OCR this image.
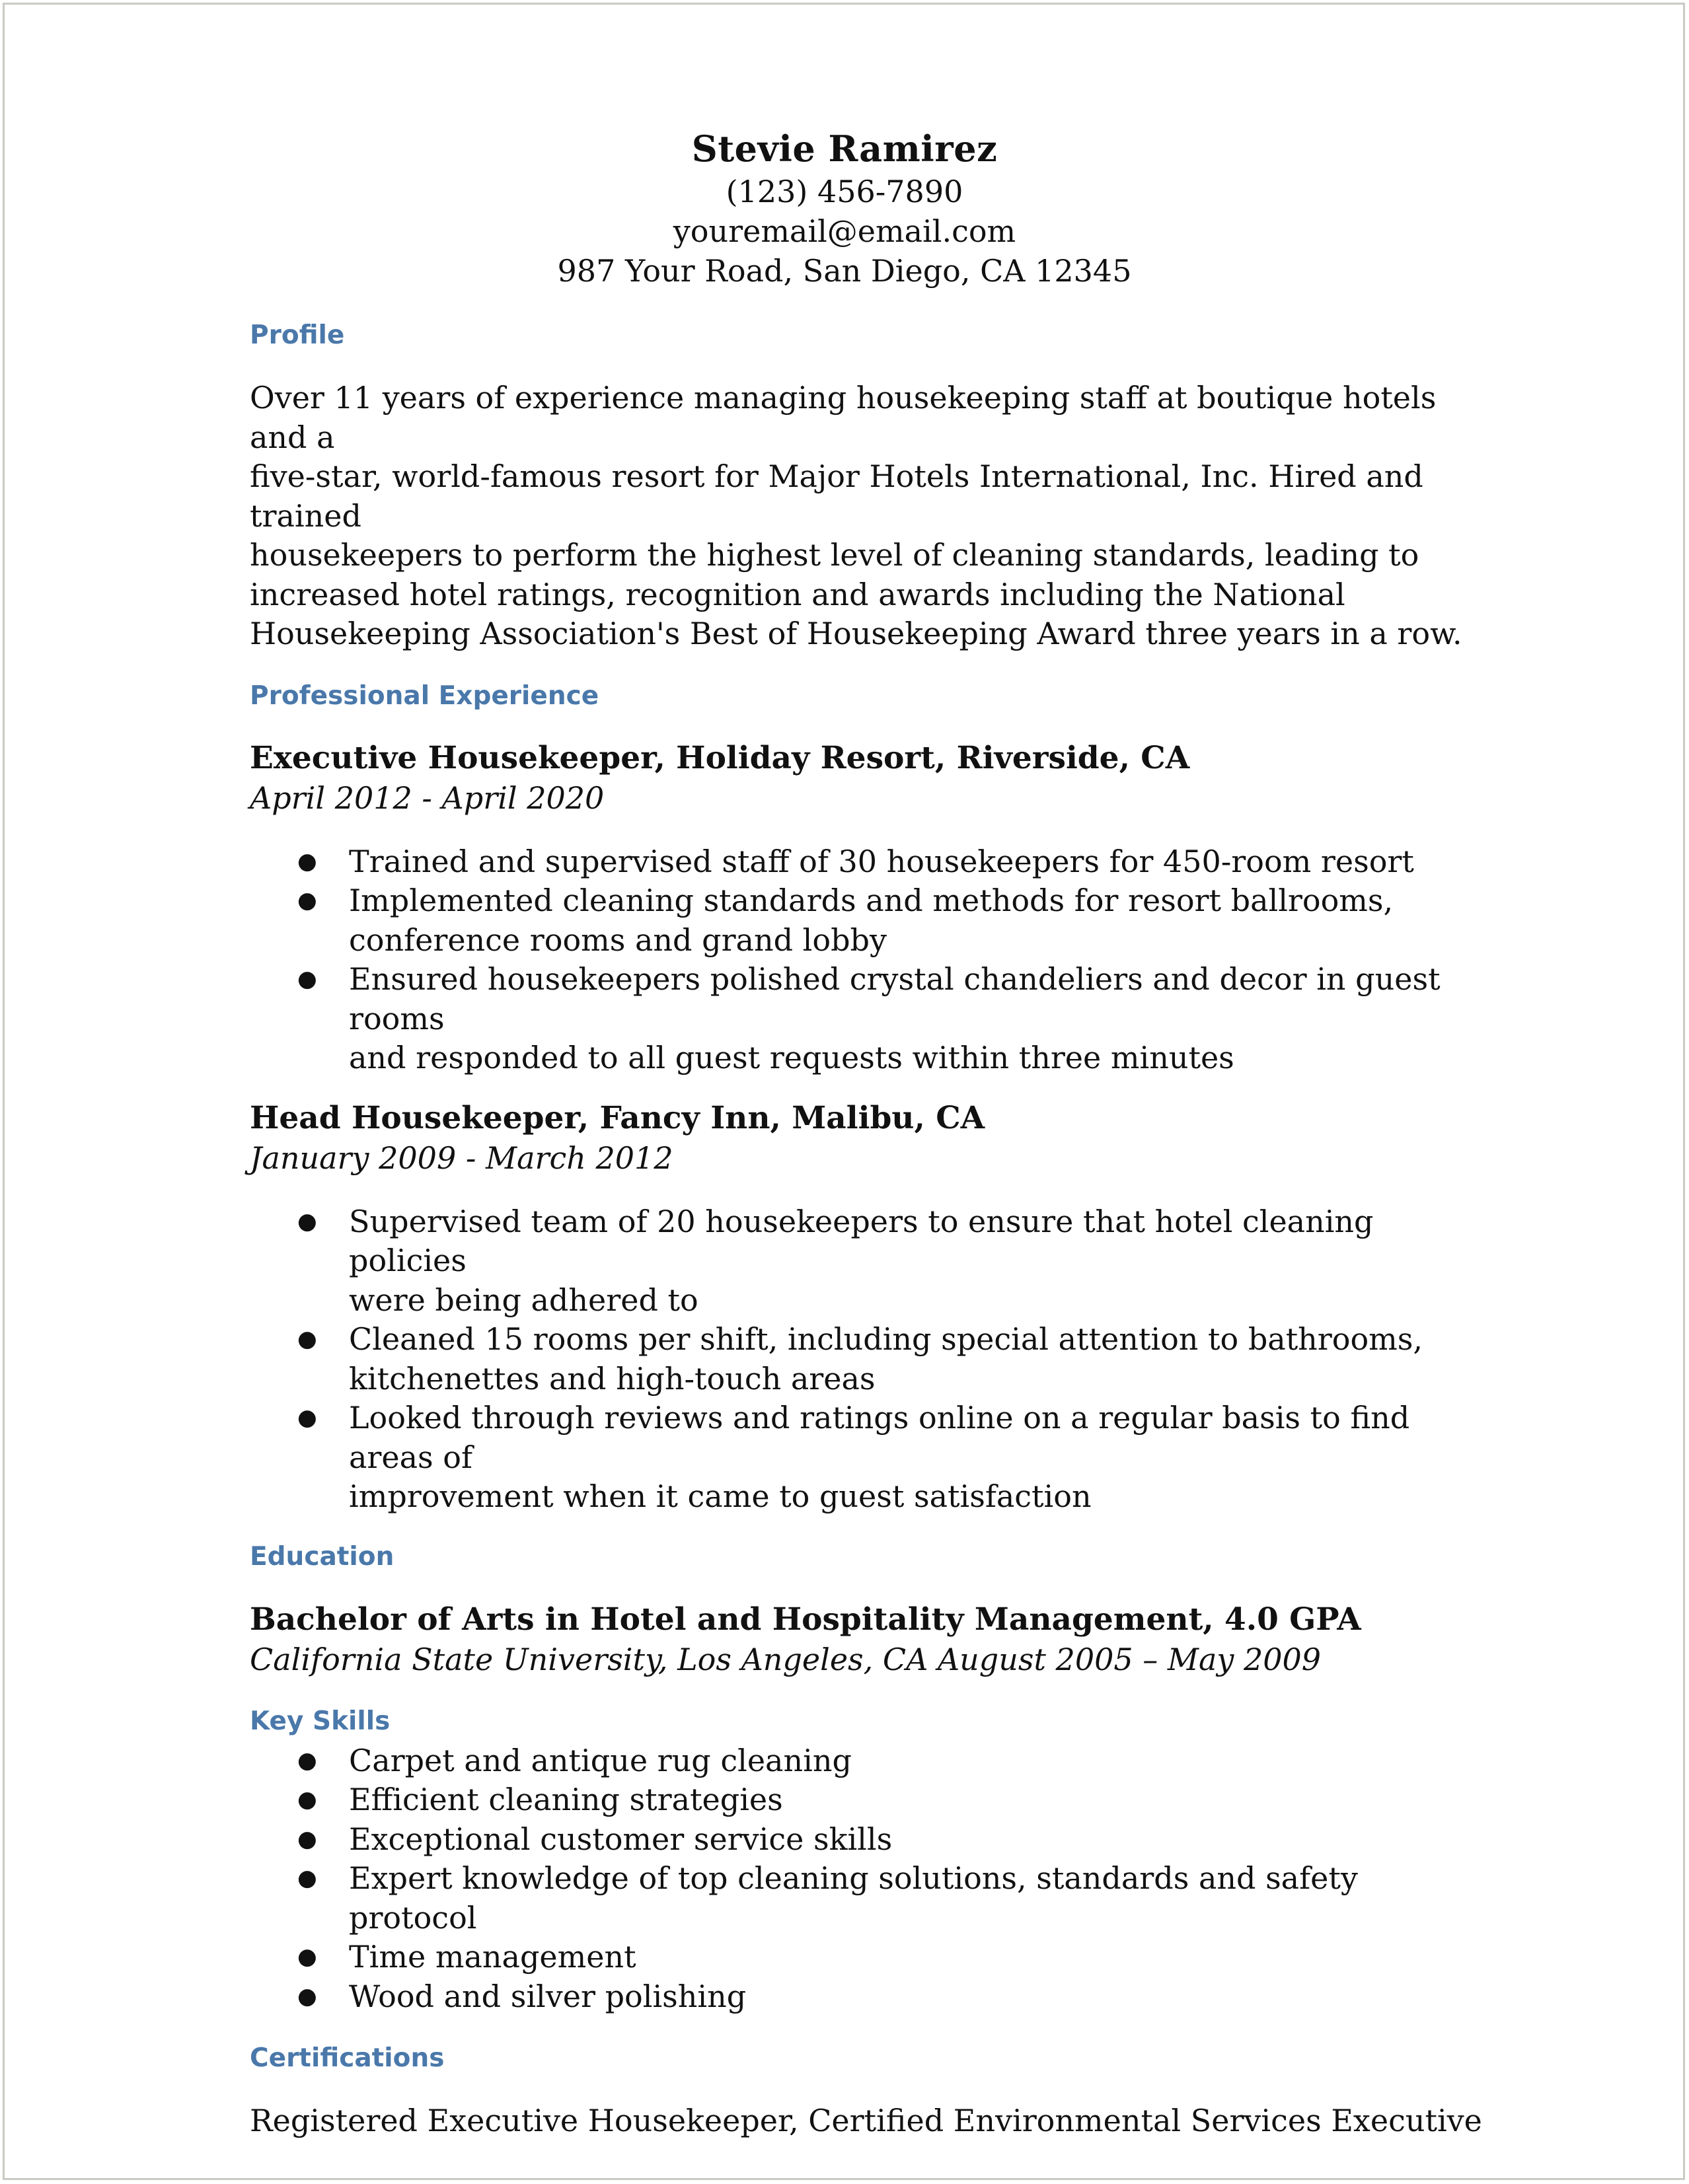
Stevie Ramirez
(123) 456-7890
youremail@email.com
987 Your Road, San Diego, CA 12345
Profile
Over 11 years of experience managing housekeeping staff at boutique hotels and a
five-star, world-famous resort for Major Hotels International, Inc. Hired and trained
housekeepers to perform the highest level of cleaning standards, leading to
increased hotel ratings, recognition and awards including the National
Housekeeping Association's Best of Housekeeping Award three years in a row.
Professional Experience
Executive Housekeeper, Holiday Resort, Riverside, CA
April 2012 - April 2020
● Trained and supervised staff of 30 housekeepers for 450-room resort
● Implemented cleaning standards and methods for resort ballrooms,
conference rooms and grand lobby
● Ensured housekeepers polished crystal chandeliers and decor in guest rooms
and responded to all guest requests within three minutes
Head Housekeeper, Fancy Inn, Malibu, CA
January 2009 - March 2012
● Supervised team of 20 housekeepers to ensure that hotel cleaning policies
were being adhered to
● Cleaned 15 rooms per shift, including special attention to bathrooms,
kitchenettes and high-touch areas
● Looked through reviews and ratings online on a regular basis to find areas of
improvement when it came to guest satisfaction
Education
Bachelor of Arts in Hotel and Hospitality Management, 4.0 GPA
California State University, Los Angeles, CA August 2005 – May 2009
Key Skills
● Carpet and antique rug cleaning
● Efficient cleaning strategies
● Exceptional customer service skills
● Expert knowledge of top cleaning solutions, standards and safety protocol
● Time management
● Wood and silver polishing
Certifications
Registered Executive Housekeeper, Certified Environmental Services Executive
